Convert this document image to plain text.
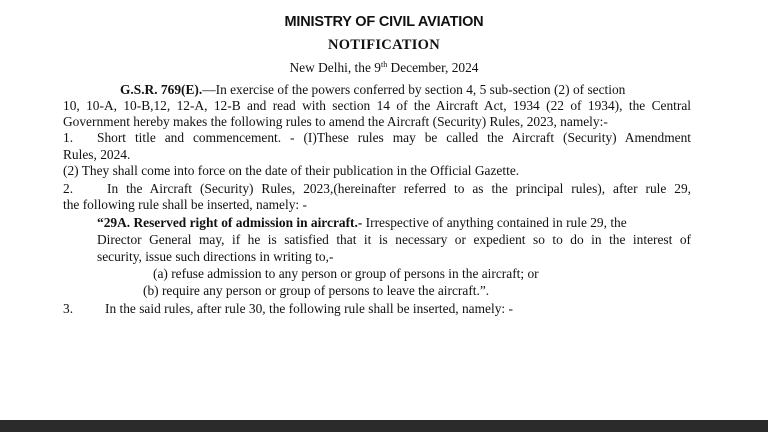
MINISTRY OF CIVIL AVIATION
NOTIFICATION
New Delhi, the 9th December, 2024
G.S.R. 769(E).—In exercise of the powers conferred by section 4, 5 sub-section (2) of section
10, 10-A, 10-B,12, 12-A, 12-B and read with section 14 of the Aircraft Act, 1934 (22 of 1934), the Central
Government hereby makes the following rules to amend the Aircraft (Security) Rules, 2023, namely:-
1. Short title and commencement. - (I)These rules may be called the Aircraft (Security) Amendment
Rules, 2024.
(2) They shall come into force on the date of their publication in the Official Gazette.
2.	In the Aircraft (Security) Rules, 2023,(hereinafter referred to as the principal rules), after rule 29,
the following rule shall be inserted, namely: -
“29A. Reserved right of admission in aircraft.- Irrespective of anything contained in rule 29, the
Director General may, if he is satisfied that it is necessary or expedient so to do in the interest of
security, issue such directions in writing to,-
(a) refuse admission to any person or group of persons in the aircraft; or
(b) require any person or group of persons to leave the aircraft.”.
3. In the said rules, after rule 30, the following rule shall be inserted, namely: -
